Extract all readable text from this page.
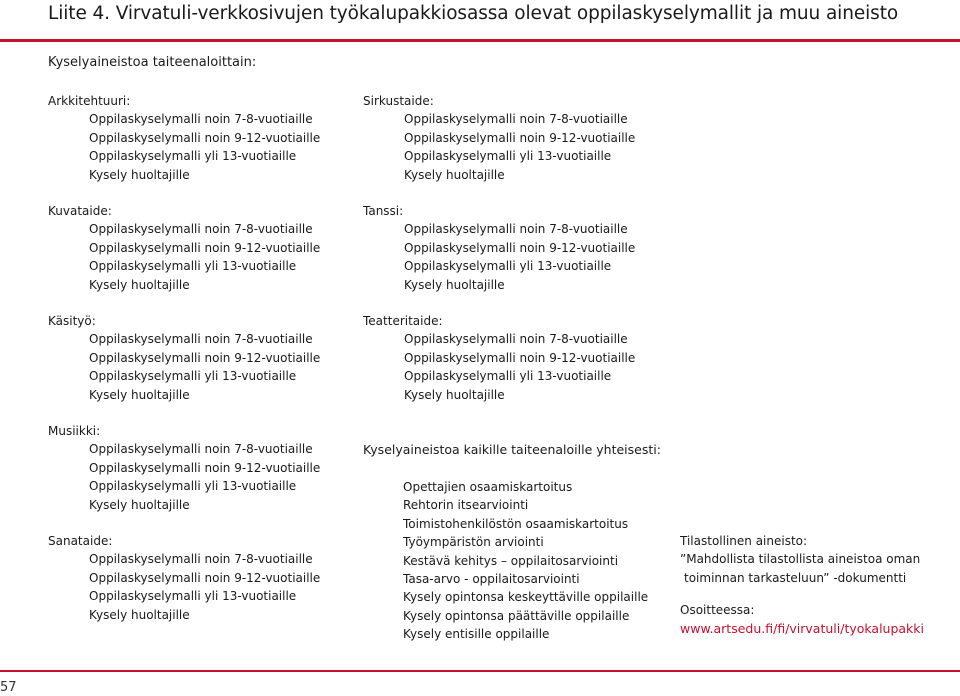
Liite 4. Virvatuli-verkkosivujen työkalupakkiosassa olevat oppilaskyselymallit ja muu aineisto
Kyselyaineistoa taiteenaloittain:
Arkkitehtuuri:
Oppilaskyselymalli noin 7-8-vuotiaille
Oppilaskyselymalli noin 9-12-vuotiaille
Oppilaskyselymalli yli 13-vuotiaille
Kysely huoltajille
Kuvataide:
Oppilaskyselymalli noin 7-8-vuotiaille
Oppilaskyselymalli noin 9-12-vuotiaille
Oppilaskyselymalli yli 13-vuotiaille
Kysely huoltajille
Käsityö:
Oppilaskyselymalli noin 7-8-vuotiaille
Oppilaskyselymalli noin 9-12-vuotiaille
Oppilaskyselymalli yli 13-vuotiaille
Kysely huoltajille
Musiikki:
Oppilaskyselymalli noin 7-8-vuotiaille
Oppilaskyselymalli noin 9-12-vuotiaille
Oppilaskyselymalli yli 13-vuotiaille
Kysely huoltajille
Sanataide:
Oppilaskyselymalli noin 7-8-vuotiaille
Oppilaskyselymalli noin 9-12-vuotiaille
Oppilaskyselymalli yli 13-vuotiaille
Kysely huoltajille
Sirkustaide:
Oppilaskyselymalli noin 7-8-vuotiaille
Oppilaskyselymalli noin 9-12-vuotiaille
Oppilaskyselymalli yli 13-vuotiaille
Kysely huoltajille
Tanssi:
Oppilaskyselymalli noin 7-8-vuotiaille
Oppilaskyselymalli noin 9-12-vuotiaille
Oppilaskyselymalli yli 13-vuotiaille
Kysely huoltajille
Teatteritaide:
Oppilaskyselymalli noin 7-8-vuotiaille
Oppilaskyselymalli noin 9-12-vuotiaille
Oppilaskyselymalli yli 13-vuotiaille
Kysely huoltajille
Kyselyaineistoa kaikille taiteenaloille yhteisesti:
Opettajien osaamiskartoitus
Rehtorin itsearviointi
Toimistohenkilöstön osaamiskartoitus
Työympäristön arviointi
Kestävä kehitys – oppilaitosarviointi
Tasa-arvo - oppilaitosarviointi
Kysely opintonsa keskeyttäville oppilaille
Kysely opintonsa päättäville oppilaille
Kysely entisille oppilaille
Tilastollinen aineisto:
”Mahdollista tilastollista aineistoa oman
toiminnan tarkasteluun” -dokumentti
Osoitteessa:
www.artsedu.fi/fi/virvatuli/tyokalupakki
57
